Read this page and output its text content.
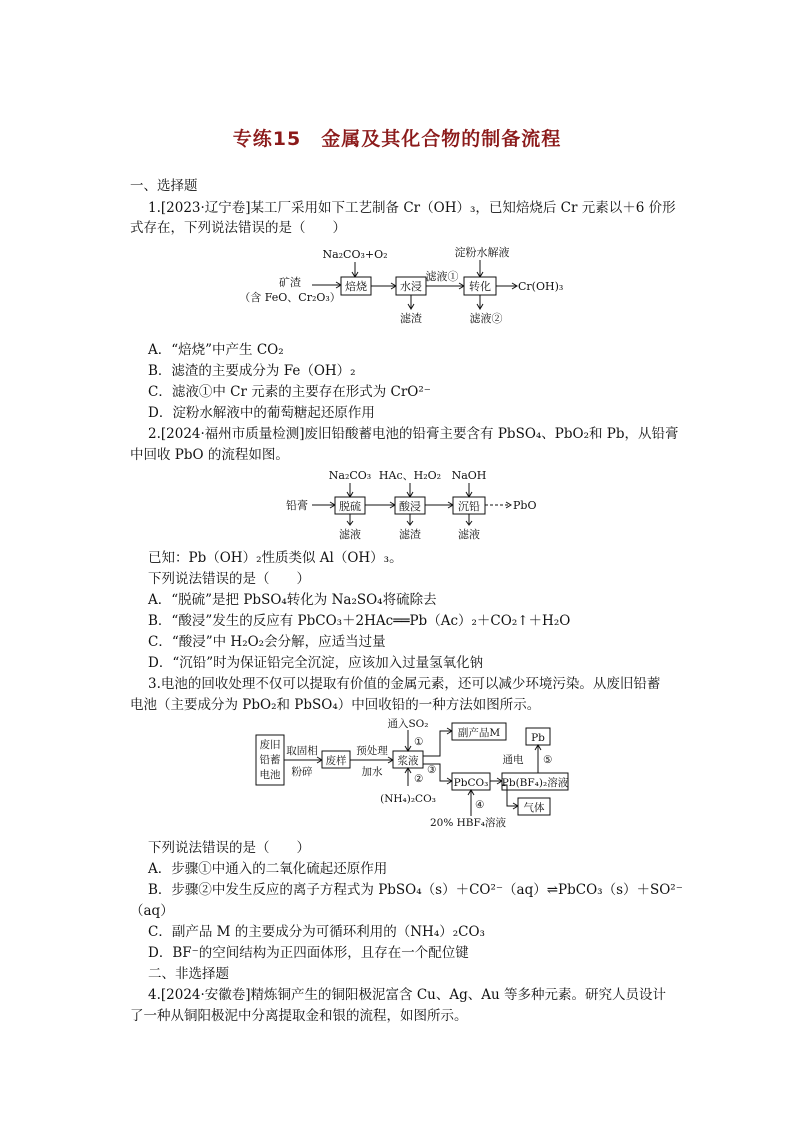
专练15　金属及其化合物的制备流程
一、选择题
1.[2023·辽宁卷]某工厂采用如下工艺制备 Cr（OH）₃，已知焙烧后 Cr 元素以＋6 价形
式存在，下列说法错误的是（　　）
Na₂CO₃+O₂
矿渣
（含 FeO、Cr₂O₃）
焙烧	水浸
滤渣
滤液①
淀粉水解液
转化 Cr(OH)₃
滤液②
A．“焙烧”中产生 CO₂
B．滤渣的主要成分为 Fe（OH）₂
C．滤液①中 Cr 元素的主要存在形式为 CrO²⁻
D．淀粉水解液中的葡萄糖起还原作用
2.[2024·福州市质量检测]废旧铅酸蓄电池的铅膏主要含有 PbSO₄、PbO₂和 Pb，从铅膏
中回收 PbO 的流程如图。
铅膏
Na₂CO₃
脱硫
滤液
HAc、H₂O₂
酸浸
滤渣
NaOH
沉铅
滤液
PbO
已知：Pb（OH）₂性质类似 Al（OH）₃。
下列说法错误的是（　　）
A．“脱硫”是把 PbSO₄转化为 Na₂SO₄将硫除去
B．“酸浸”发生的反应有 PbCO₃＋2HAc══Pb（Ac）₂＋CO₂↑＋H₂O
C．“酸浸”中 H₂O₂会分解，应适当过量
D．“沉铅”时为保证铅完全沉淀，应该加入过量氢氧化钠
3.电池的回收处理不仅可以提取有价值的金属元素，还可以减少环境污染。从废旧铅蓄
电池（主要成分为 PbO₂和 PbSO₄）中回收铅的一种方法如图所示。
废旧
铅蓄
电池
取固相
粉碎
废样
预处理
加水
浆液
通入SO₂
①
②
(NH₄)₂CO₃
③
副产品M
PbCO₃ Pb(BF₄)₂溶液
Pb
通电 ⑤
④
20% HBF₄溶液
气体
下列说法错误的是（　　）
A．步骤①中通入的二氧化硫起还原作用
B．步骤②中发生反应的离子方程式为 PbSO₄（s）＋CO²⁻（aq）⇌PbCO₃（s）＋SO²⁻
（aq）
C．副产品 M 的主要成分为可循环利用的（NH₄）₂CO₃
D．BF⁻的空间结构为正四面体形，且存在一个配位键
二、非选择题
4.[2024·安徽卷]精炼铜产生的铜阳极泥富含 Cu、Ag、Au 等多种元素。研究人员设计
了一种从铜阳极泥中分离提取金和银的流程，如图所示。
